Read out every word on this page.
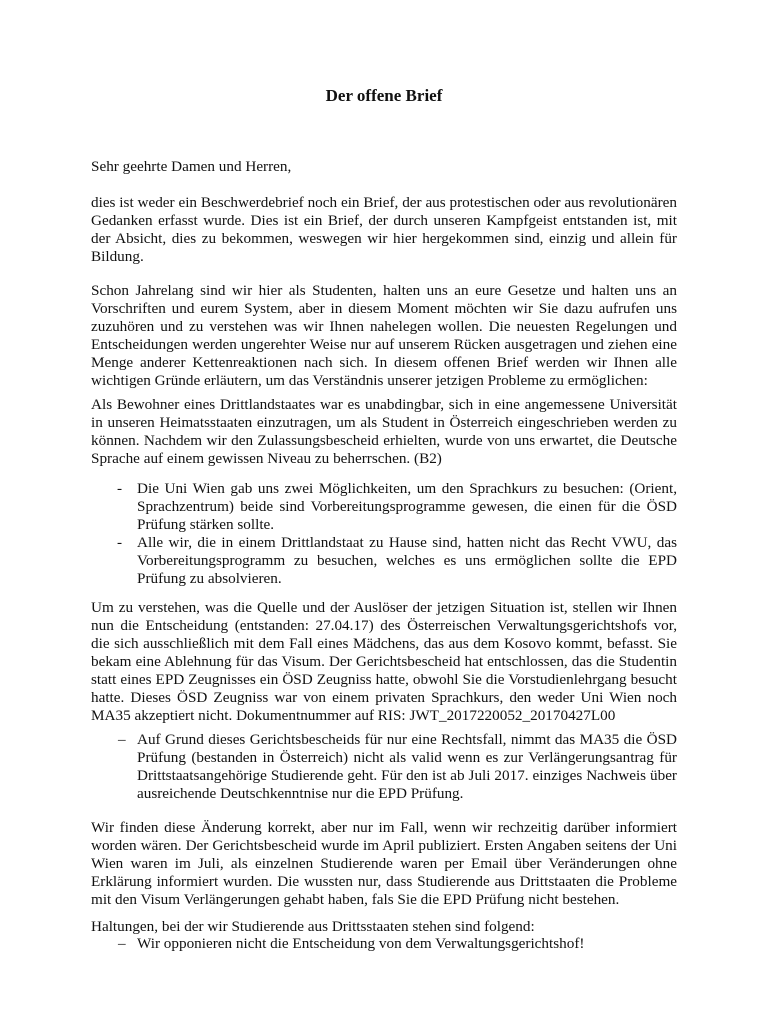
Der offene Brief

Sehr geehrte Damen und Herren,

dies ist weder ein Beschwerdebrief noch ein Brief, der aus protestischen oder aus revolutionären Gedanken erfasst wurde. Dies ist ein Brief, der durch unseren Kampfgeist entstanden ist, mit der Absicht, dies zu bekommen, weswegen wir hier hergekommen sind, einzig und allein für Bildung.

Schon Jahrelang sind wir hier als Studenten, halten uns an eure Gesetze und halten uns an Vorschriften und eurem System, aber in diesem Moment möchten wir Sie dazu aufrufen uns zuzuhören und zu verstehen was wir Ihnen nahelegen wollen. Die neuesten Regelungen und Entscheidungen werden ungerehter Weise nur auf unserem Rücken ausgetragen und ziehen eine Menge anderer Kettenreaktionen nach sich. In diesem offenen Brief werden wir Ihnen alle wichtigen Gründe erläutern, um das Verständnis unserer jetzigen Probleme zu ermöglichen:

Als Bewohner eines Drittlandstaates war es unabdingbar, sich in eine angemessene Universität in unseren Heimatsstaaten einzutragen, um als Student in Österreich eingeschrieben werden zu können. Nachdem wir den Zulassungsbescheid erhielten, wurde von uns erwartet, die Deutsche Sprache auf einem gewissen Niveau zu beherrschen. (B2)

- Die Uni Wien gab uns zwei Möglichkeiten, um den Sprachkurs zu besuchen: (Orient, Sprachzentrum) beide sind Vorbereitungsprogramme gewesen, die einen für die ÖSD Prüfung stärken sollte.
- Alle wir, die in einem Drittlandstaat zu Hause sind, hatten nicht das Recht VWU, das Vorbereitungsprogramm zu besuchen, welches es uns ermöglichen sollte die EPD Prüfung zu absolvieren.

Um zu verstehen, was die Quelle und der Auslöser der jetzigen Situation ist, stellen wir Ihnen nun die Entscheidung (entstanden: 27.04.17) des Österreischen Verwaltungsgerichtshofs vor, die sich ausschließlich mit dem Fall eines Mädchens, das aus dem Kosovo kommt, befasst. Sie bekam eine Ablehnung für das Visum. Der Gerichtsbescheid hat entschlossen, das die Studentin statt eines EPD Zeugnisses ein ÖSD Zeugniss hatte, obwohl Sie die Vorstudienlehrgang besucht hatte. Dieses ÖSD Zeugniss war von einem privaten Sprachkurs, den weder Uni Wien noch MA35 akzeptiert nicht. Dokumentnummer auf RIS: JWT_2017220052_20170427L00

– Auf Grund dieses Gerichtsbescheids für nur eine Rechtsfall, nimmt das MA35 die ÖSD Prüfung (bestanden in Österreich) nicht als valid wenn es zur Verlängerungsantrag für Drittstaatsangehörige Studierende geht. Für den ist ab Juli 2017. einziges Nachweis über ausreichende Deutschkenntnise nur die EPD Prüfung.

Wir finden diese Änderung korrekt, aber nur im Fall, wenn wir rechzeitig darüber informiert worden wären. Der Gerichtsbescheid wurde im April publiziert. Ersten Angaben seitens der Uni Wien waren im Juli, als einzelnen Studierende waren per Email über Veränderungen ohne Erklärung informiert wurden. Die wussten nur, dass Studierende aus Drittstaaten die Probleme mit den Visum Verlängerungen gehabt haben, fals Sie die EPD Prüfung nicht bestehen.

Haltungen, bei der wir Studierende aus Drittsstaaten stehen sind folgend:

– Wir opponieren nicht die Entscheidung von dem Verwaltungsgerichtshof!
